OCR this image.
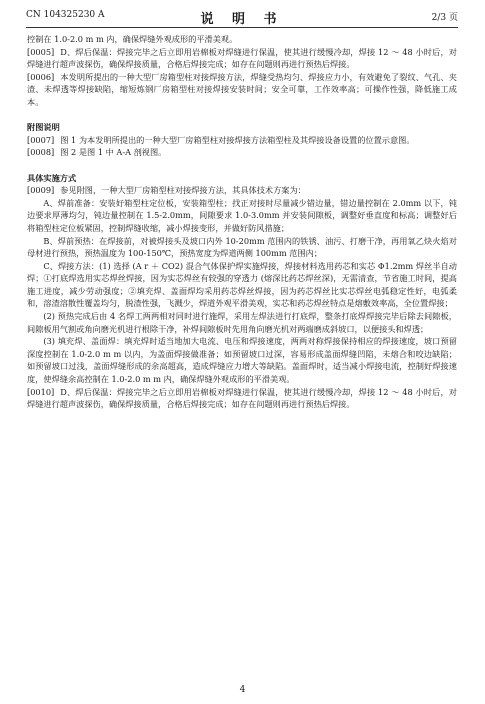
CN 104325230 A	说 明 书	2/3 页

控制在 1.0-2.0 m m 内，确保焊缝外观成形的平滑美观。

[0005] D、焊后保温：焊接完毕之后立即用岩棉板对焊缝进行保温，使其进行缓慢冷却，焊接 12 ～ 48 小时后，对焊缝进行超声波探伤，确保焊接质量，合格后焊接完成；如存在问题则再进行预热后焊接。

[0006] 本发明所提出的一种大型厂房箱型柱对接焊接方法，焊缝受热均匀、焊接应力小，有效避免了裂纹、气孔、夹渣、未焊透等焊接缺陷，缩短炼钢厂房箱型柱对接焊接安装时间；安全可靠，工作效率高；可操作性强，降低施工成本。

附图说明

[0007] 图 1 为本发明所提出的一种大型厂房箱型柱对接焊接方法箱型柱及其焊接设备设置的位置示意图。

[0008] 图 2 是图 1 中 A-A 剖视图。

具体实施方式

[0009] 参见附图，一种大型厂房箱型柱对接焊接方法，其具体技术方案为：

A、焊前准备：安装好箱型柱定位板，安装箱型柱；找正对接时尽量减少错边量，错边量控制在 2.0mm 以下，钝边要求厚薄均匀，钝边量控制在 1.5-2.0mm，间隙要求 1.0-3.0mm 并安装间隙板，调整好垂直度和标高；调整好后将箱型柱定位板紧固，控制焊缝收缩，减小焊接变形，并做好防风措施；

B、焊前预热：在焊接前，对被焊接头及坡口内外 10-20mm 范围内的铁锈、油污、打磨干净，再用氧乙炔火焰对母材进行预热，预热温度为 100-150℃，预热宽度为焊道两侧 100mm 范围内；

C、焊接方法：(1) 选择 (A r ＋ CO2) 混合气体保护焊实施焊接，焊接材料选用药芯和实芯 Φ1.2mm 焊丝半自动焊；①打底焊选用实芯焊丝焊接，因为实芯焊丝有较强的穿透力 (熔深比药芯焊丝深)，无需清查，节省施工时间，提高施工进度，减少劳动强度；②填充焊、盖面焊均采用药芯焊丝焊接，因为药芯焊丝比实芯焊丝电弧稳定性好，电弧柔和，溶渣溶散性覆盖均匀，脱渣性强，飞溅少，焊道外观平滑美观，实芯和药芯焊丝特点是熔敷效率高，全位置焊接；

(2) 预热完成后由 4 名焊工两两相对同时进行施焊，采用左焊法进行打底焊，整条打底焊焊接完毕后除去间隙板，间隙板用气割或角向磨光机进行根除干净，补焊间隙板时先用角向磨光机对两端磨成斜坡口，以便接头和焊透；

(3) 填充焊、盖面焊：填充焊时适当地加大电流、电压和焊接速度，两两对称焊接保持相应的焊接速度，坡口预留深度控制在 1.0-2.0 m m 以内，为盖面焊接做准备；如预留坡口过深，容易形成盖面焊缝凹陷，未熔合和咬边缺陷；如预留坡口过浅，盖面焊缝形成的余高超高，造成焊缝应力增大等缺陷。盖面焊时，适当减小焊接电流，控制好焊接速度，使焊缝余高控制在 1.0-2.0 m m 内，确保焊缝外观成形的平滑美观。

[0010] D、焊后保温：焊接完毕之后立即用岩棉板对焊缝进行保温，使其进行缓慢冷却，焊接 12 ～ 48 小时后，对焊缝进行超声波探伤，确保焊接质量，合格后焊接完成；如存在问题则再进行预热后焊接。

4
